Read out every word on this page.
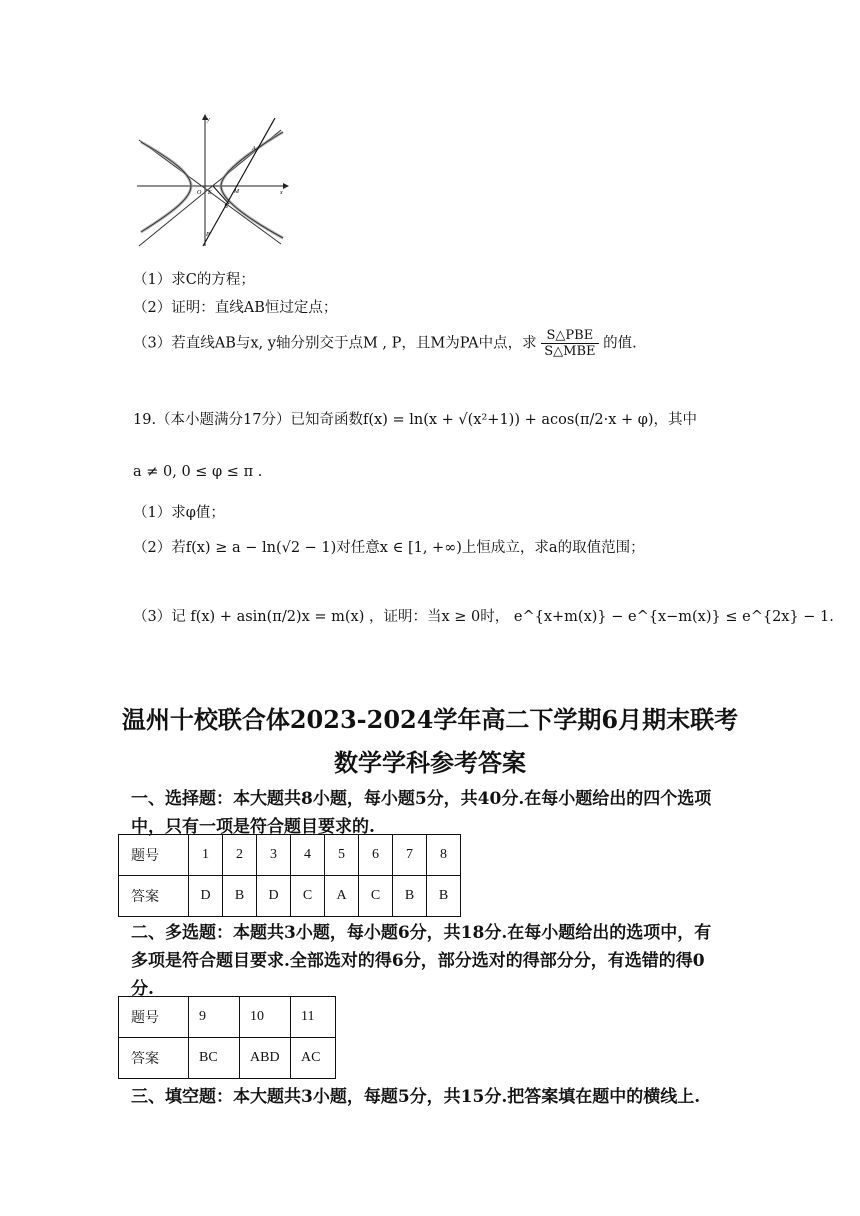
y
x
A
O E	M
B
P
（1）求C的方程；
（2）证明：直线AB恒过定点；
（3）若直线AB与x, y轴分别交于点M , P，且M为PA中点，求 $\frac{\text{S△PBE}}{\text{S△MBE}}$ 的值.
19.（本小题满分17分）已知奇函数f(x) = ln(x + √(x²+1)) + acos(π/2·x + φ)，其中
a ≠ 0, 0 ≤ φ ≤ π .
（1）求φ值；
（2）若f(x) ≥ a − ln(√2 − 1)对任意x ∈ [1, +∞)上恒成立，求a的取值范围；
（3）记 f(x) + asin(π/2)x = m(x) ，证明：当x ≥ 0时， e^{x+m(x)} − e^{x−m(x)} ≤ e^{2x} − 1.
温州十校联合体2023-2024学年高二下学期6月期末联考
数学学科参考答案
一、选择题：本大题共8小题，每小题5分，共40分.在每小题给出的四个选项
中，只有一项是符合题目要求的.
题号	1	2	3	4	5	6	7	8
答案	D	B	D	C	A	C	B	B
二、多选题：本题共3小题，每小题6分，共18分.在每小题给出的选项中，有
多项是符合题目要求.全部选对的得6分，部分选对的得部分分，有选错的得0
分.
题号	9	10	11
答案	BC	ABD	AC
三、填空题：本大题共3小题，每题5分，共15分.把答案填在题中的横线上.
